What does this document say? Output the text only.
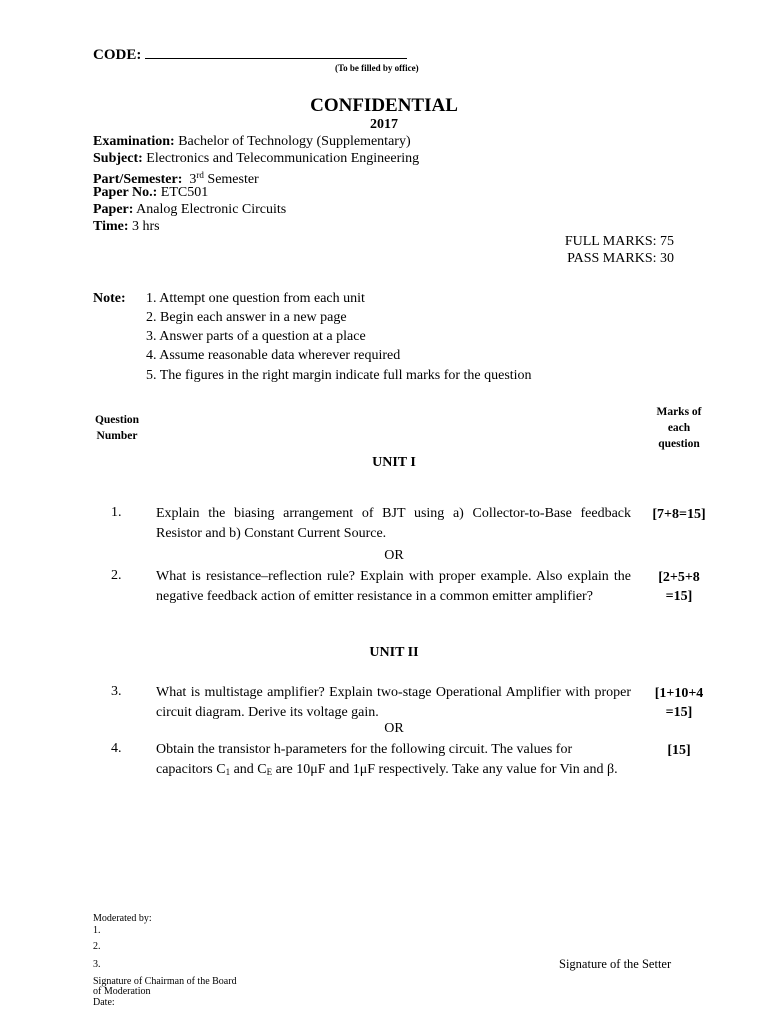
CODE:
(To be filled by office)
CONFIDENTIAL
2017
Examination: Bachelor of Technology (Supplementary)
Subject: Electronics and Telecommunication Engineering
Part/Semester: 3rd Semester
Paper No.: ETC501
Paper: Analog Electronic Circuits
Time: 3 hrs
FULL MARKS: 75
PASS MARKS: 30
Note: 1. Attempt one question from each unit
2. Begin each answer in a new page
3. Answer parts of a question at a place
4. Assume reasonable data wherever required
5. The figures in the right margin indicate full marks for the question
Question
Number
Marks of
each
question
UNIT I
1. Explain the biasing arrangement of BJT using a) Collector-to-Base feedback Resistor and b) Constant Current Source.
[7+8=15]
OR
2. What is resistance–reflection rule? Explain with proper example. Also explain the negative feedback action of emitter resistance in a common emitter amplifier?
[2+5+8
=15]
UNIT II
3. What is multistage amplifier? Explain two-stage Operational Amplifier with proper circuit diagram. Derive its voltage gain.
[1+10+4
=15]
OR
4. Obtain the transistor h-parameters for the following circuit. The values for capacitors $C_1$ and $C_E$ are 10μF and 1μF respectively. Take any value for Vin and β.
[15]
Moderated by:
1.
2.
3.
Signature of Chairman of the Board
of Moderation
Date:
Signature of the Setter
